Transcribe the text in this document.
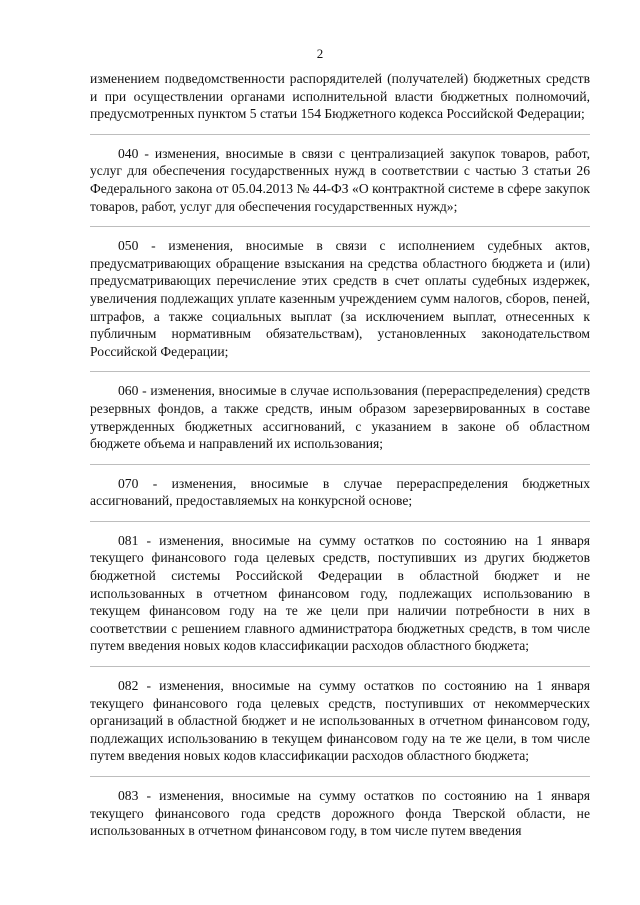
2

изменением подведомственности распорядителей (получателей) бюджетных средств и при осуществлении органами исполнительной власти бюджетных полномочий, предусмотренных пунктом 5 статьи 154 Бюджетного кодекса Российской Федерации;

040 - изменения, вносимые в связи с централизацией закупок товаров, работ, услуг для обеспечения государственных нужд в соответствии с частью 3 статьи 26 Федерального закона от 05.04.2013 № 44-ФЗ «О контрактной системе в сфере закупок товаров, работ, услуг для обеспечения государственных нужд»;

050 - изменения, вносимые в связи с исполнением судебных актов, предусматривающих обращение взыскания на средства областного бюджета и (или) предусматривающих перечисление этих средств в счет оплаты судебных издержек, увеличения подлежащих уплате казенным учреждением сумм налогов, сборов, пеней, штрафов, а также социальных выплат (за исключением выплат, отнесенных к публичным нормативным обязательствам), установленных законодательством Российской Федерации;

060 - изменения, вносимые в случае использования (перераспределения) средств резервных фондов, а также средств, иным образом зарезервированных в составе утвержденных бюджетных ассигнований, с указанием в законе об областном бюджете объема и направлений их использования;

070 - изменения, вносимые в случае перераспределения бюджетных ассигнований, предоставляемых на конкурсной основе;

081 - изменения, вносимые на сумму остатков по состоянию на 1 января текущего финансового года целевых средств, поступивших из других бюджетов бюджетной системы Российской Федерации в областной бюджет и не использованных в отчетном финансовом году, подлежащих использованию в текущем финансовом году на те же цели при наличии потребности в них в соответствии с решением главного администратора бюджетных средств, в том числе путем введения новых кодов классификации расходов областного бюджета;

082 - изменения, вносимые на сумму остатков по состоянию на 1 января текущего финансового года целевых средств, поступивших от некоммерческих организаций в областной бюджет и не использованных в отчетном финансовом году, подлежащих использованию в текущем финансовом году на те же цели, в том числе путем введения новых кодов классификации расходов областного бюджета;

083 - изменения, вносимые на сумму остатков по состоянию на 1 января текущего финансового года средств дорожного фонда Тверской области, не использованных в отчетном финансовом году, в том числе путем введения
